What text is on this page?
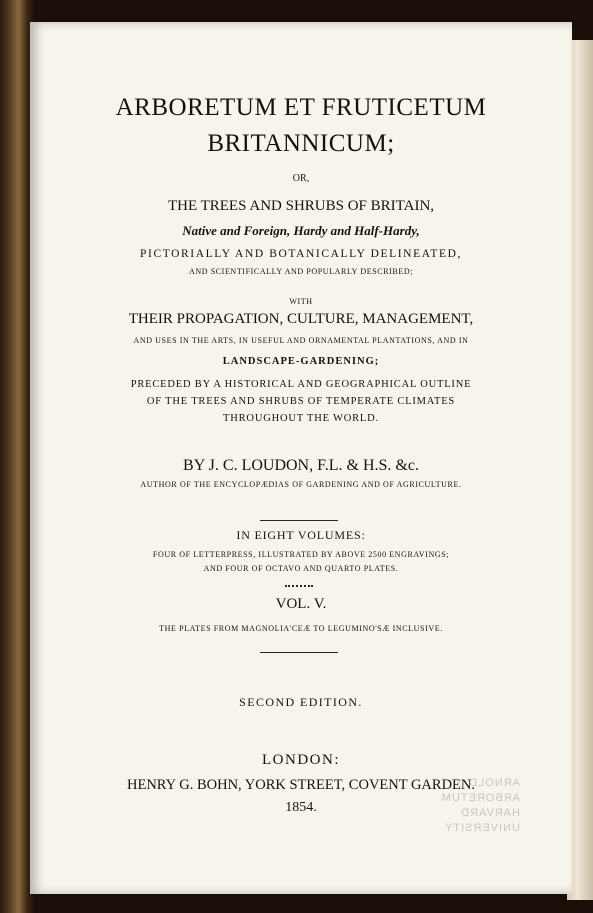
ARBORETUM ET FRUTICETUM
BRITANNICUM;
OR,
THE TREES AND SHRUBS OF BRITAIN,
Native and Foreign, Hardy and Half-Hardy,
PICTORIALLY AND BOTANICALLY DELINEATED,
AND SCIENTIFICALLY AND POPULARLY DESCRIBED;
WITH
THEIR PROPAGATION, CULTURE, MANAGEMENT,
AND USES IN THE ARTS, IN USEFUL AND ORNAMENTAL PLANTATIONS, AND IN
LANDSCAPE-GARDENING;
PRECEDED BY A HISTORICAL AND GEOGRAPHICAL OUTLINE
OF THE TREES AND SHRUBS OF TEMPERATE CLIMATES
THROUGHOUT THE WORLD.
BY J. C. LOUDON, F.L. & H.S. &c.
AUTHOR OF THE ENCYCLOPÆDIAS OF GARDENING AND OF AGRICULTURE.
IN EIGHT VOLUMES:
FOUR OF LETTERPRESS, ILLUSTRATED BY ABOVE 2500 ENGRAVINGS;
AND FOUR OF OCTAVO AND QUARTO PLATES.
VOL. V.
THE PLATES FROM MAGNOLIA'CEÆ TO LEGUMINO'SÆ INCLUSIVE.
SECOND EDITION.
LONDON:
HENRY G. BOHN, YORK STREET, COVENT GARDEN.
1854.
ARNOLD
ARBORETUM
HARVARD
UNIVERSITY
